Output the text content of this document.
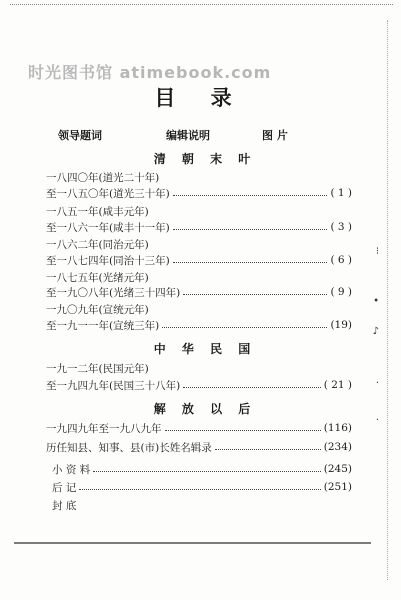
时光图书馆 atimebook.com
目 录
领导题词	编辑说明	图 片
清 朝 末 叶
一八四〇年(道光二十年)
至一八五〇年(道光三十年)	( 1 )
一八五一年(咸丰元年)
至一八六一年(咸丰十一年)	( 3 )
一八六二年(同治元年)
至一八七四年(同治十三年)	( 6 )
一八七五年(光绪元年)
至一九〇八年(光绪三十四年)	( 9 )
一九〇九年(宣统元年)
至一九一一年(宣统三年)	(19)
中 华 民 国
一九一二年(民国元年)
至一九四九年(民国三十八年)	( 21 )
解 放 以 后
一九四九年至一九八九年	(116)
历任知县、知事、县(市)长姓名辑录	(234)
小 资 料	(245)
后 记	(251)
封 底
⁝
•
♪
·
·
